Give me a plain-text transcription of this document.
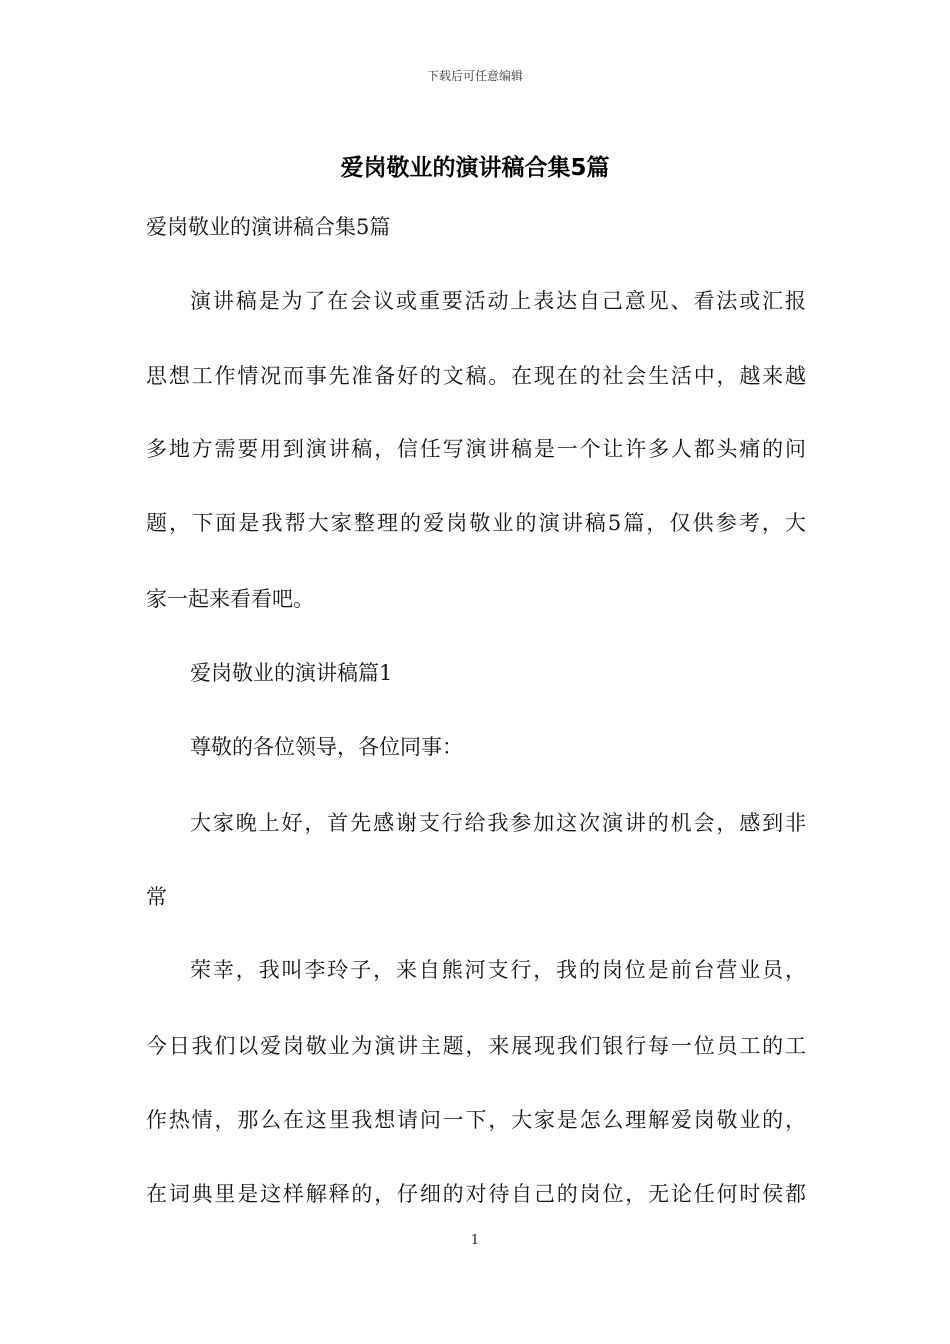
下载后可任意编辑
爱岗敬业的演讲稿合集5篇
爱岗敬业的演讲稿合集5篇
演讲稿是为了在会议或重要活动上表达自己意见、看法或汇报
思想工作情况而事先准备好的文稿。在现在的社会生活中，越来越
多地方需要用到演讲稿，信任写演讲稿是一个让许多人都头痛的问
题，下面是我帮大家整理的爱岗敬业的演讲稿5篇，仅供参考，大
家一起来看看吧。
爱岗敬业的演讲稿篇1
尊敬的各位领导，各位同事：
大家晚上好，首先感谢支行给我参加这次演讲的机会，感到非
常
荣幸，我叫李玲子，来自熊河支行，我的岗位是前台营业员，
今日我们以爱岗敬业为演讲主题，来展现我们银行每一位员工的工
作热情，那么在这里我想请问一下，大家是怎么理解爱岗敬业的，
在词典里是这样解释的，仔细的对待自己的岗位，无论任何时侯都
1
